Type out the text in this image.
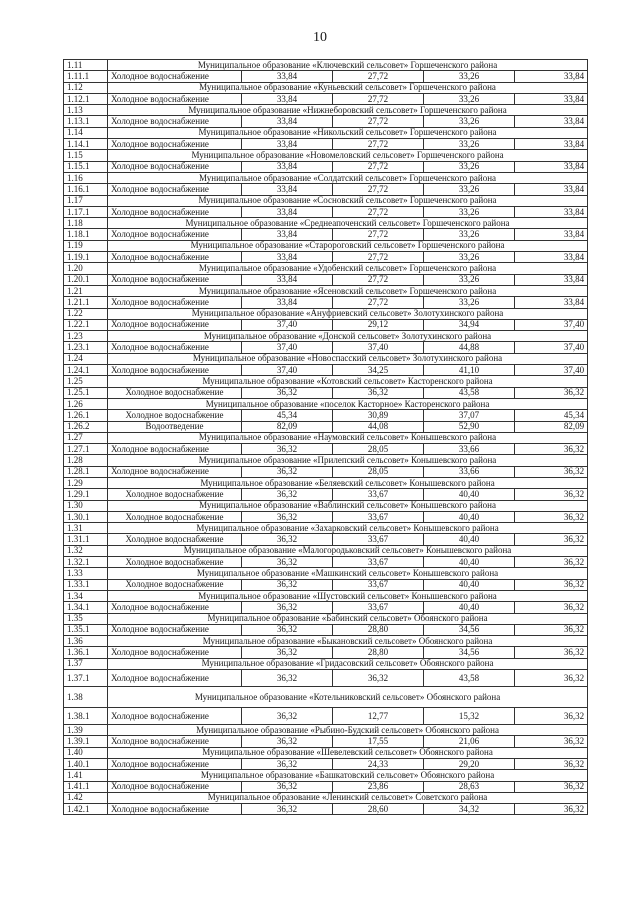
10
1.11	Муниципальное образование «Ключевский сельсовет» Горшеченского района				
1.11.1	Холодное водоснабжение	33,84	27,72	33,26	33,84
1.12	Муниципальное образование «Куньевский сельсовет» Горшеченского района				
1.12.1	Холодное водоснабжение	33,84	27,72	33,26	33,84
1.13	Муниципальное образование «Нижнеборовский сельсовет» Горшеченского района				
1.13.1	Холодное водоснабжение	33,84	27,72	33,26	33,84
1.14	Муниципальное образование «Никольский сельсовет» Горшеченского района				
1.14.1	Холодное водоснабжение	33,84	27,72	33,26	33,84
1.15	Муниципальное образование «Новомеловский сельсовет» Горшеченского района				
1.15.1	Холодное водоснабжение	33,84	27,72	33,26	33,84
1.16	Муниципальное образование «Солдатский сельсовет» Горшеченского района				
1.16.1	Холодное водоснабжение	33,84	27,72	33,26	33,84
1.17	Муниципальное образование «Сосновский сельсовет» Горшеченского района				
1.17.1	Холодное водоснабжение	33,84	27,72	33,26	33,84
1.18	Муниципальное образование «Среднеапоченский сельсовет» Горшеченского района				
1.18.1	Холодное водоснабжение	33,84	27,72	33,26	33,84
1.19	Муниципальное образование «Старороговский сельсовет» Горшеченского района				
1.19.1	Холодное водоснабжение	33,84	27,72	33,26	33,84
1.20	Муниципальное образование «Удобенский сельсовет» Горшеченского района				
1.20.1	Холодное водоснабжение	33,84	27,72	33,26	33,84
1.21	Муниципальное образование «Ясеновский сельсовет» Горшеченского района				
1.21.1	Холодное водоснабжение	33,84	27,72	33,26	33,84
1.22	Муниципальное образование «Ануфриевский сельсовет» Золотухинского района				
1.22.1	Холодное водоснабжение	37,40	29,12	34,94	37,40
1.23	Муниципальное образование «Донской сельсовет» Золотухинского района				
1.23.1	Холодное водоснабжение	37,40	37,40	44,88	37,40
1.24	Муниципальное образование «Новоспасский сельсовет» Золотухинского района				
1.24.1	Холодное водоснабжение	37,40	34,25	41,10	37,40
1.25	Муниципальное образование «Котовский сельсовет» Касторенского района				
1.25.1	Холодное водоснабжение	36,32	36,32	43,58	36,32
1.26	Муниципальное образование «поселок Касторное» Касторенского района				
1.26.1	Холодное водоснабжение	45,34	30,89	37,07	45,34
1.26.2	Водоотведение	82,09	44,08	52,90	82,09
1.27	Муниципальное образование «Наумовский сельсовет» Конышевского района				
1.27.1	Холодное водоснабжение	36,32	28,05	33,66	36,32
1.28	Муниципальное образование «Прилепский сельсовет» Конышевского района				
1.28.1	Холодное водоснабжение	36,32	28,05	33,66	36,32
1.29	Муниципальное образование «Беляевский сельсовет» Конышевского района				
1.29.1	Холодное водоснабжение	36,32	33,67	40,40	36,32
1.30	Муниципальное образование «Ваблинский сельсовет» Конышевского района				
1.30.1	Холодное водоснабжение	36,32	33,67	40,40	36,32
1.31	Муниципальное образование «Захарковский сельсовет» Конышевского района				
1.31.1	Холодное водоснабжение	36,32	33,67	40,40	36,32
1.32	Муниципальное образование «Малогородьковский сельсовет» Конышевского района				
1.32.1	Холодное водоснабжение	36,32	33,67	40,40	36,32
1.33	Муниципальное образование «Машкинский сельсовет» Конышевского района				
1.33.1	Холодное водоснабжение	36,32	33,67	40,40	36,32
1.34	Муниципальное образование «Шустовский сельсовет» Конышевского района				
1.34.1	Холодное водоснабжение	36,32	33,67	40,40	36,32
1.35	Муниципальное образование «Бабинский сельсовет» Обоянского района				
1.35.1	Холодное водоснабжение	36,32	28,80	34,56	36,32
1.36	Муниципальное образование «Быкановский сельсовет» Обоянского района				
1.36.1	Холодное водоснабжение	36,32	28,80	34,56	36,32
1.37	Муниципальное образование «Гридасовский сельсовет» Обоянского района				
1.37.1	Холодное водоснабжение	36,32	36,32	43,58	36,32
1.38	Муниципальное образование «Котельниковский сельсовет» Обоянского района				
1.38.1	Холодное водоснабжение	36,32	12,77	15,32	36,32
1.39	Муниципальное образование «Рыбино-Будский сельсовет» Обоянского района				
1.39.1	Холодное водоснабжение	36,32	17,55	21,06	36,32
1.40	Муниципальное образование «Шевелевский сельсовет» Обоянского района				
1.40.1	Холодное водоснабжение	36,32	24,33	29,20	36,32
1.41	Муниципальное образование «Башкатовский сельсовет» Обоянского района				
1.41.1	Холодное водоснабжение	36,32	23,86	28,63	36,32
1.42	Муниципальное образование «Ленинский сельсовет» Советского района				
1.42.1	Холодное водоснабжение	36,32	28,60	34,32	36,32
